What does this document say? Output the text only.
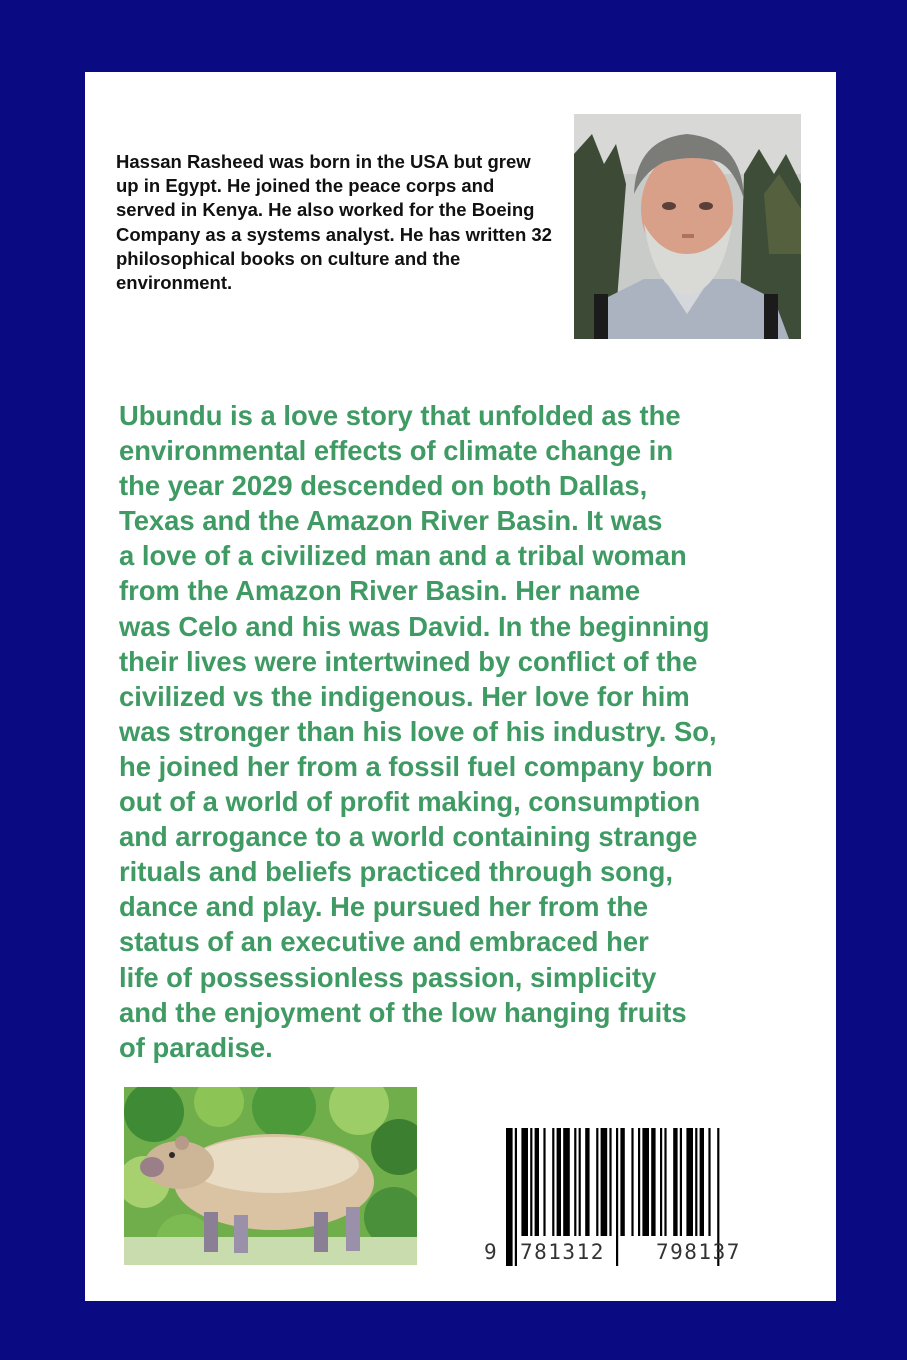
Hassan Rasheed was born in the USA but grew up in Egypt. He joined the peace corps and served in Kenya. He also worked for the Boeing Company as a systems analyst. He has written 32 philosophical books on culture and the environment.

Ubundu is a love story that unfolded as the
environmental effects of climate change in
the year 2029 descended on both Dallas,
Texas and the Amazon River Basin. It was
a love of a civilized man and a tribal woman
from the Amazon River Basin. Her name
was Celo and his was David. In the beginning
their lives were intertwined by conflict of the
civilized vs the indigenous. Her love for him
was stronger than his love of his industry. So,
he joined her from a fossil fuel company born
out of a world of profit making, consumption
and arrogance to a world containing strange
rituals and beliefs practiced through song,
dance and play. He pursued her from the
status of an executive and embraced her
life of possessionless passion, simplicity
and the enjoyment of the low hanging fruits
of paradise.
9 781312 798137
